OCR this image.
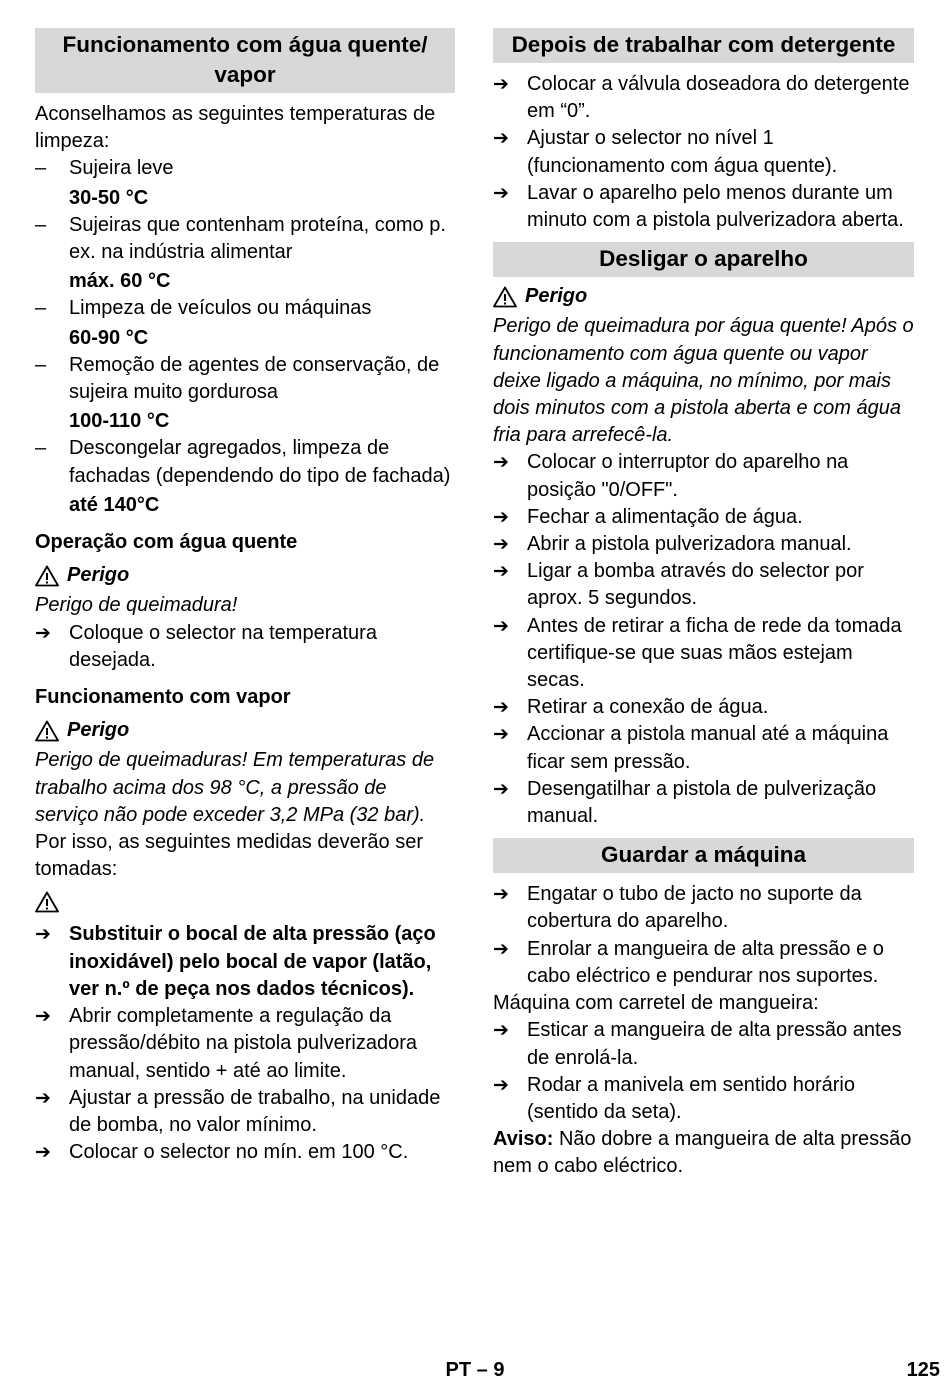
Funcionamento com água quente/ vapor
Aconselhamos as seguintes temperaturas de limpeza:
–	Sujeira leve
30-50 °C
–	Sujeiras que contenham proteína, como p. ex. na indústria alimentar
máx. 60 °C
–	Limpeza de veículos ou máquinas
60-90 °C
–	Remoção de agentes de conservação, de sujeira muito gordurosa
100-110 °C
–	Descongelar agregados, limpeza de fachadas (dependendo do tipo de fachada)
até 140°C
Operação com água quente
Perigo
Perigo de queimadura!
➔ Coloque o selector na temperatura desejada.
Funcionamento com vapor
Perigo
Perigo de queimaduras! Em temperaturas de trabalho acima dos 98 °C, a pressão de serviço não pode exceder 3,2 MPa (32 bar).
Por isso, as seguintes medidas deverão ser tomadas:
➔ Substituir o bocal de alta pressão (aço inoxidável) pelo bocal de vapor (latão, ver n.º de peça nos dados técnicos).
➔ Abrir completamente a regulação da pressão/débito na pistola pulverizadora manual, sentido + até ao limite.
➔ Ajustar a pressão de trabalho, na unidade de bomba, no valor mínimo.
➔ Colocar o selector no mín. em 100 °C.
Depois de trabalhar com detergente
➔ Colocar a válvula doseadora do detergente em “0”.
➔ Ajustar o selector no nível 1 (funcionamento com água quente).
➔ Lavar o aparelho pelo menos durante um minuto com a pistola pulverizadora aberta.
Desligar o aparelho
Perigo
Perigo de queimadura por água quente! Após o funcionamento com água quente ou vapor deixe ligado a máquina, no mínimo, por mais dois minutos com a pistola aberta e com água fria para arrefecê-la.
➔ Colocar o interruptor do aparelho na posição "0/OFF".
➔ Fechar a alimentação de água.
➔ Abrir a pistola pulverizadora manual.
➔ Ligar a bomba através do selector por aprox. 5 segundos.
➔ Antes de retirar a ficha de rede da tomada certifique-se que suas mãos estejam secas.
➔ Retirar a conexão de água.
➔ Accionar a pistola manual até a máquina ficar sem pressão.
➔ Desengatilhar a pistola de pulverização manual.
Guardar a máquina
➔ Engatar o tubo de jacto no suporte da cobertura do aparelho.
➔ Enrolar a mangueira de alta pressão e o cabo eléctrico e pendurar nos suportes.
Máquina com carretel de mangueira:
➔ Esticar a mangueira de alta pressão antes de enrolá-la.
➔ Rodar a manivela em sentido horário (sentido da seta).
Aviso: Não dobre a mangueira de alta pressão nem o cabo eléctrico.
PT – 9	125
